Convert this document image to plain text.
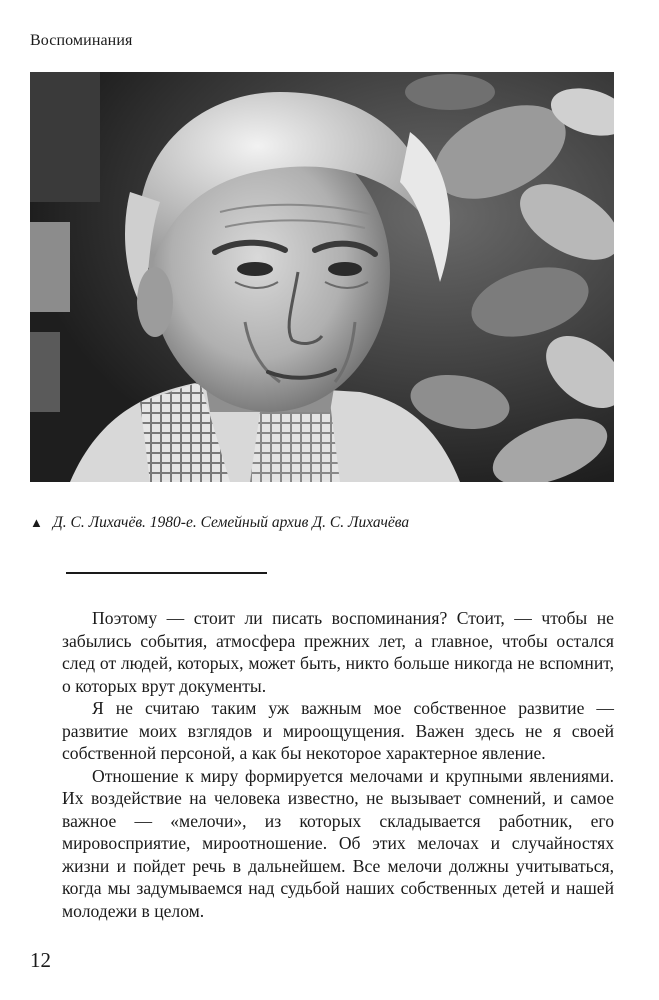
Воспоминания
▲ Д. С. Лихачёв. 1980-е. Семейный архив Д. С. Лихачёва

Поэтому — стоит ли писать воспоминания? Стоит, — чтобы не забылись события, атмосфера прежних лет, а главное, чтобы остался след от людей, которых, может быть, никто больше никогда не вспомнит, о которых врут документы.

Я не считаю таким уж важным мое собственное развитие — развитие моих взглядов и мироощущения. Важен здесь не я своей собственной персоной, а как бы некоторое характерное явление.

Отношение к миру формируется мелочами и крупными явлениями. Их воздействие на человека известно, не вызывает сомнений, и самое важное — «мелочи», из которых складывается работник, его мировосприятие, мироотношение. Об этих мелочах и случайностях жизни и пойдет речь в дальнейшем. Все мелочи должны учитываться, когда мы задумываемся над судьбой наших собственных детей и нашей молодежи в целом.

12
